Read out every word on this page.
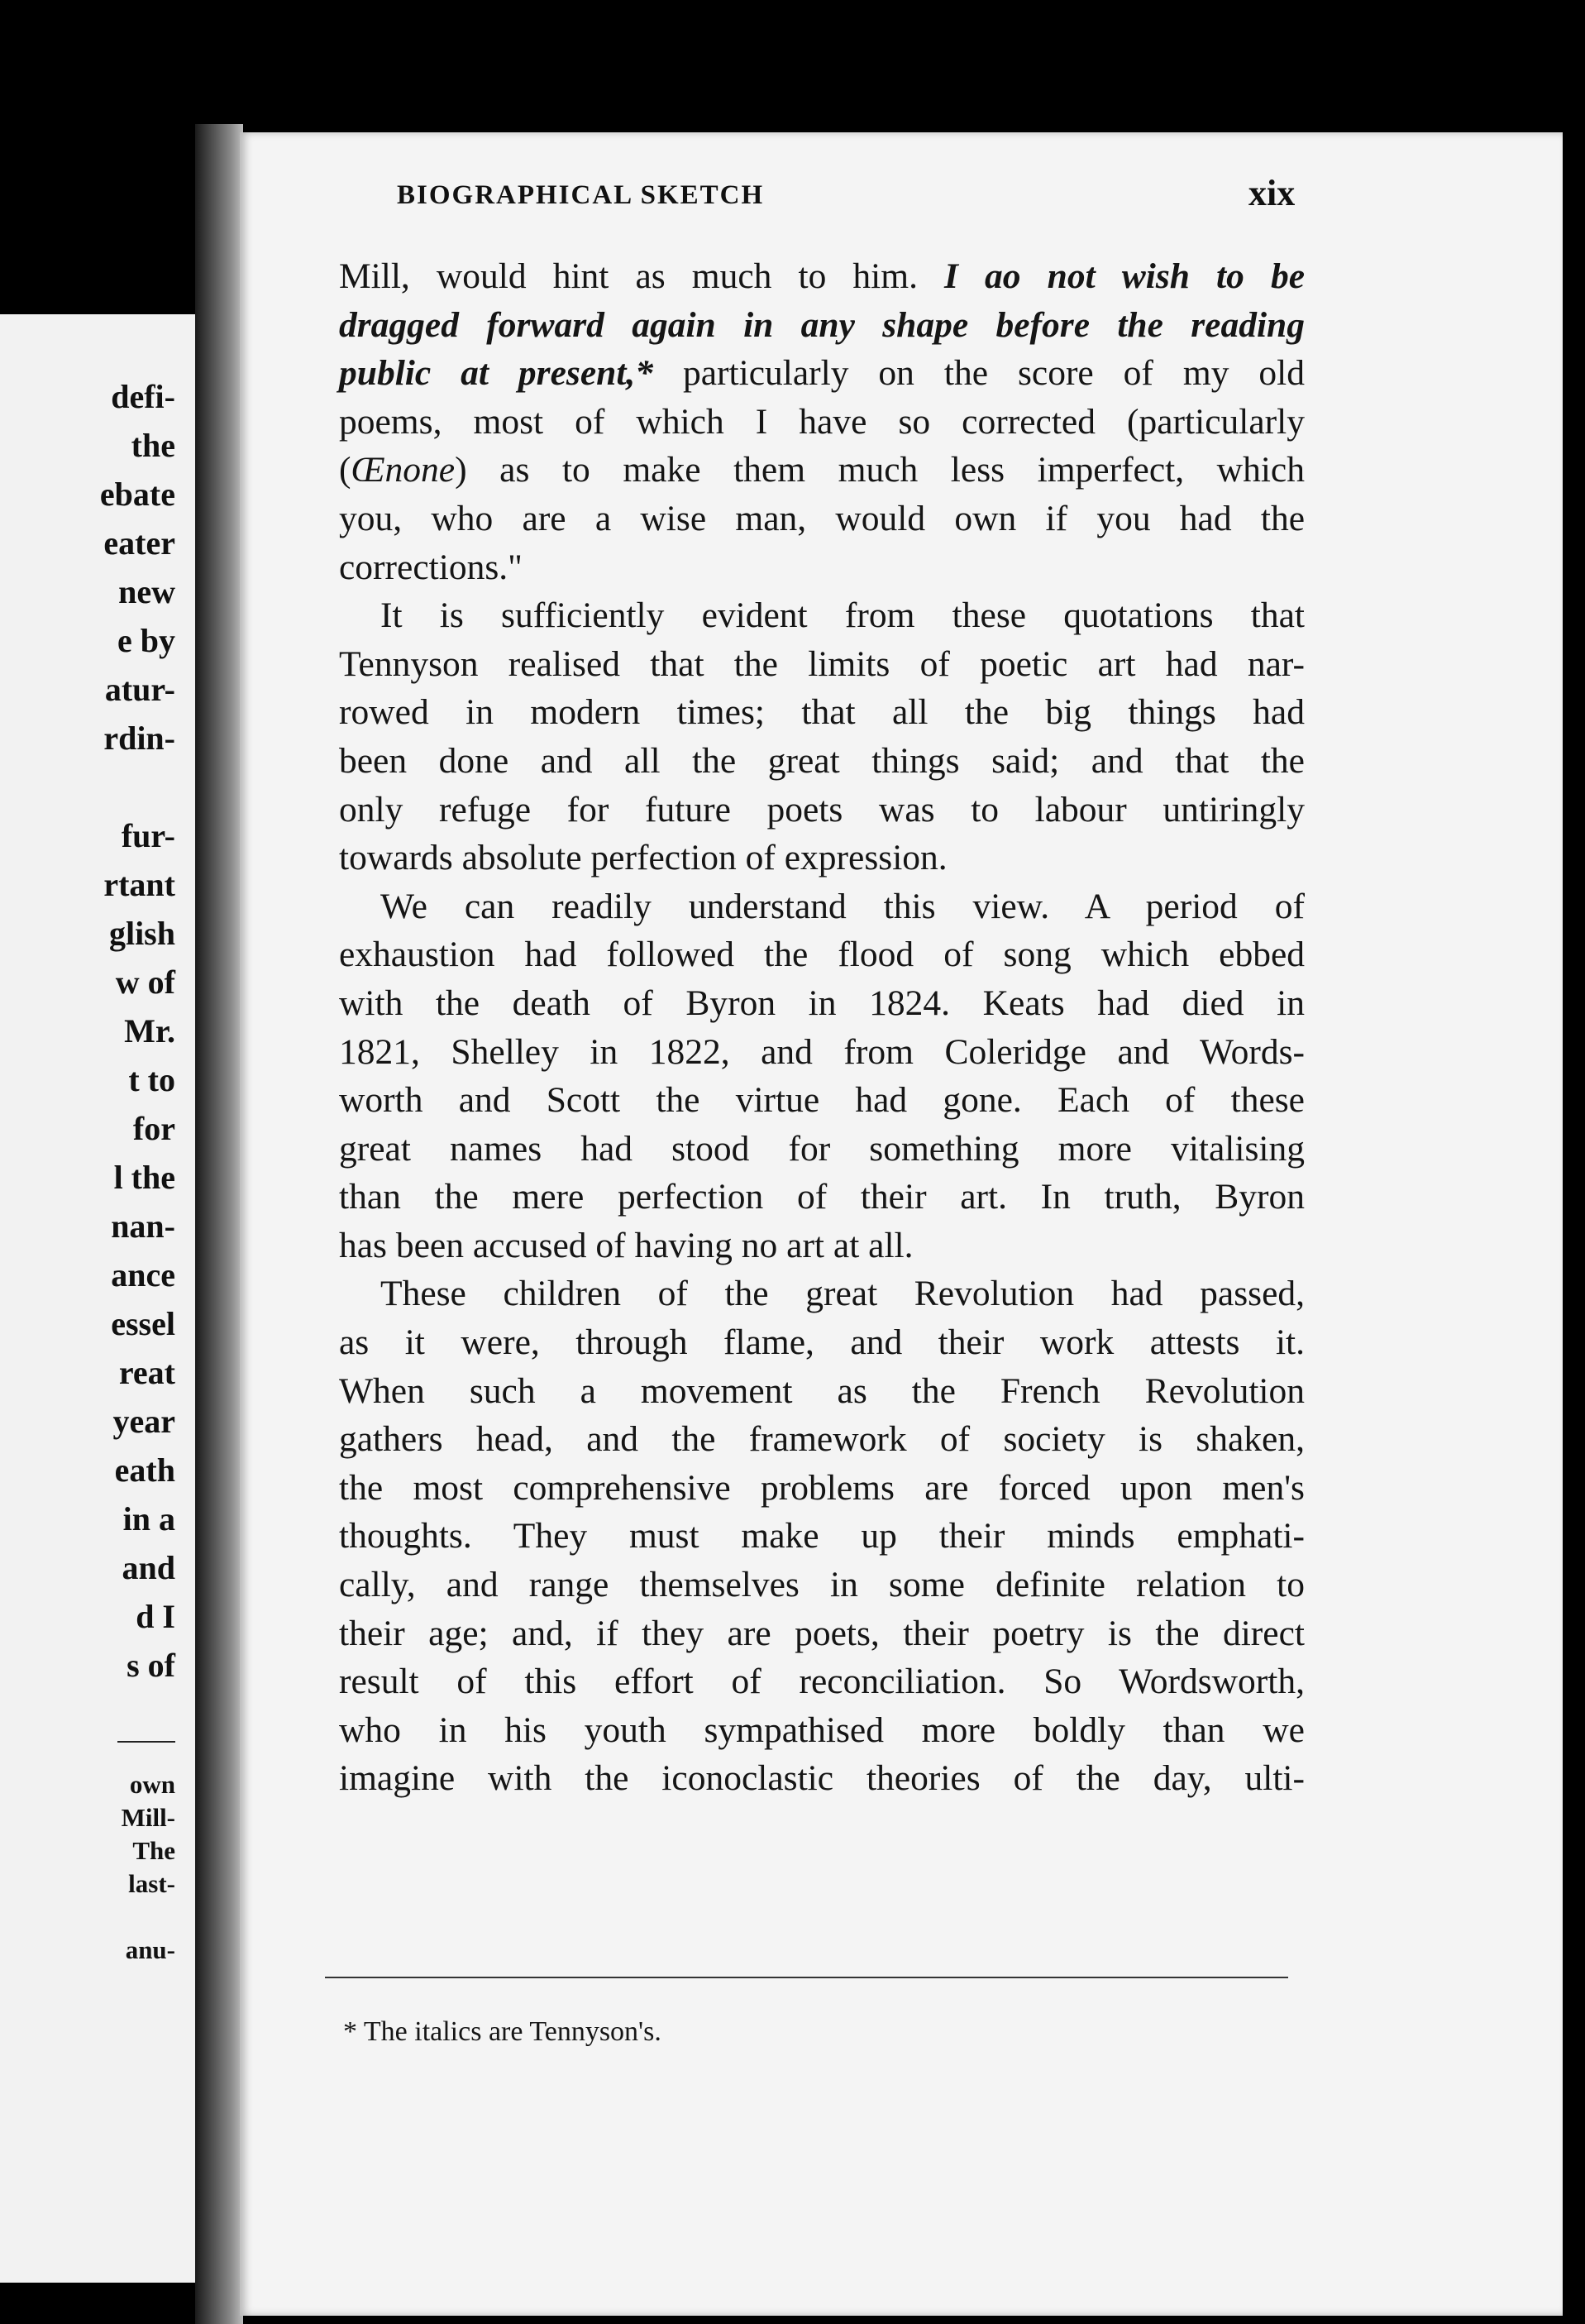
defi-
the
ebate
eater
new
e by
atur-
rdin-
fur-
rtant
glish
w of
Mr.
t to
for
l the
nan-
ance
essel
reat
year
eath
in a
and
d I
s of
own
Mill-
The
last-
anu-
BIOGRAPHICAL SKETCH	xix
Mill, would hint as much to him. I ao not wish to be
dragged forward again in any shape before the reading
public at present,* particularly on the score of my old
poems, most of which I have so corrected (particularly
(Œnone) as to make them much less imperfect, which
you, who are a wise man, would own if you had the
corrections."
It is sufficiently evident from these quotations that
Tennyson realised that the limits of poetic art had nar-
rowed in modern times; that all the big things had
been done and all the great things said; and that the
only refuge for future poets was to labour untiringly
towards absolute perfection of expression.
We can readily understand this view. A period of
exhaustion had followed the flood of song which ebbed
with the death of Byron in 1824. Keats had died in
1821, Shelley in 1822, and from Coleridge and Words-
worth and Scott the virtue had gone. Each of these
great names had stood for something more vitalising
than the mere perfection of their art. In truth, Byron
has been accused of having no art at all.
These children of the great Revolution had passed,
as it were, through flame, and their work attests it.
When such a movement as the French Revolution
gathers head, and the framework of society is shaken,
the most comprehensive problems are forced upon men's
thoughts. They must make up their minds emphati-
cally, and range themselves in some definite relation to
their age; and, if they are poets, their poetry is the direct
result of this effort of reconciliation. So Wordsworth,
who in his youth sympathised more boldly than we
imagine with the iconoclastic theories of the day, ulti-
* The italics are Tennyson's.
